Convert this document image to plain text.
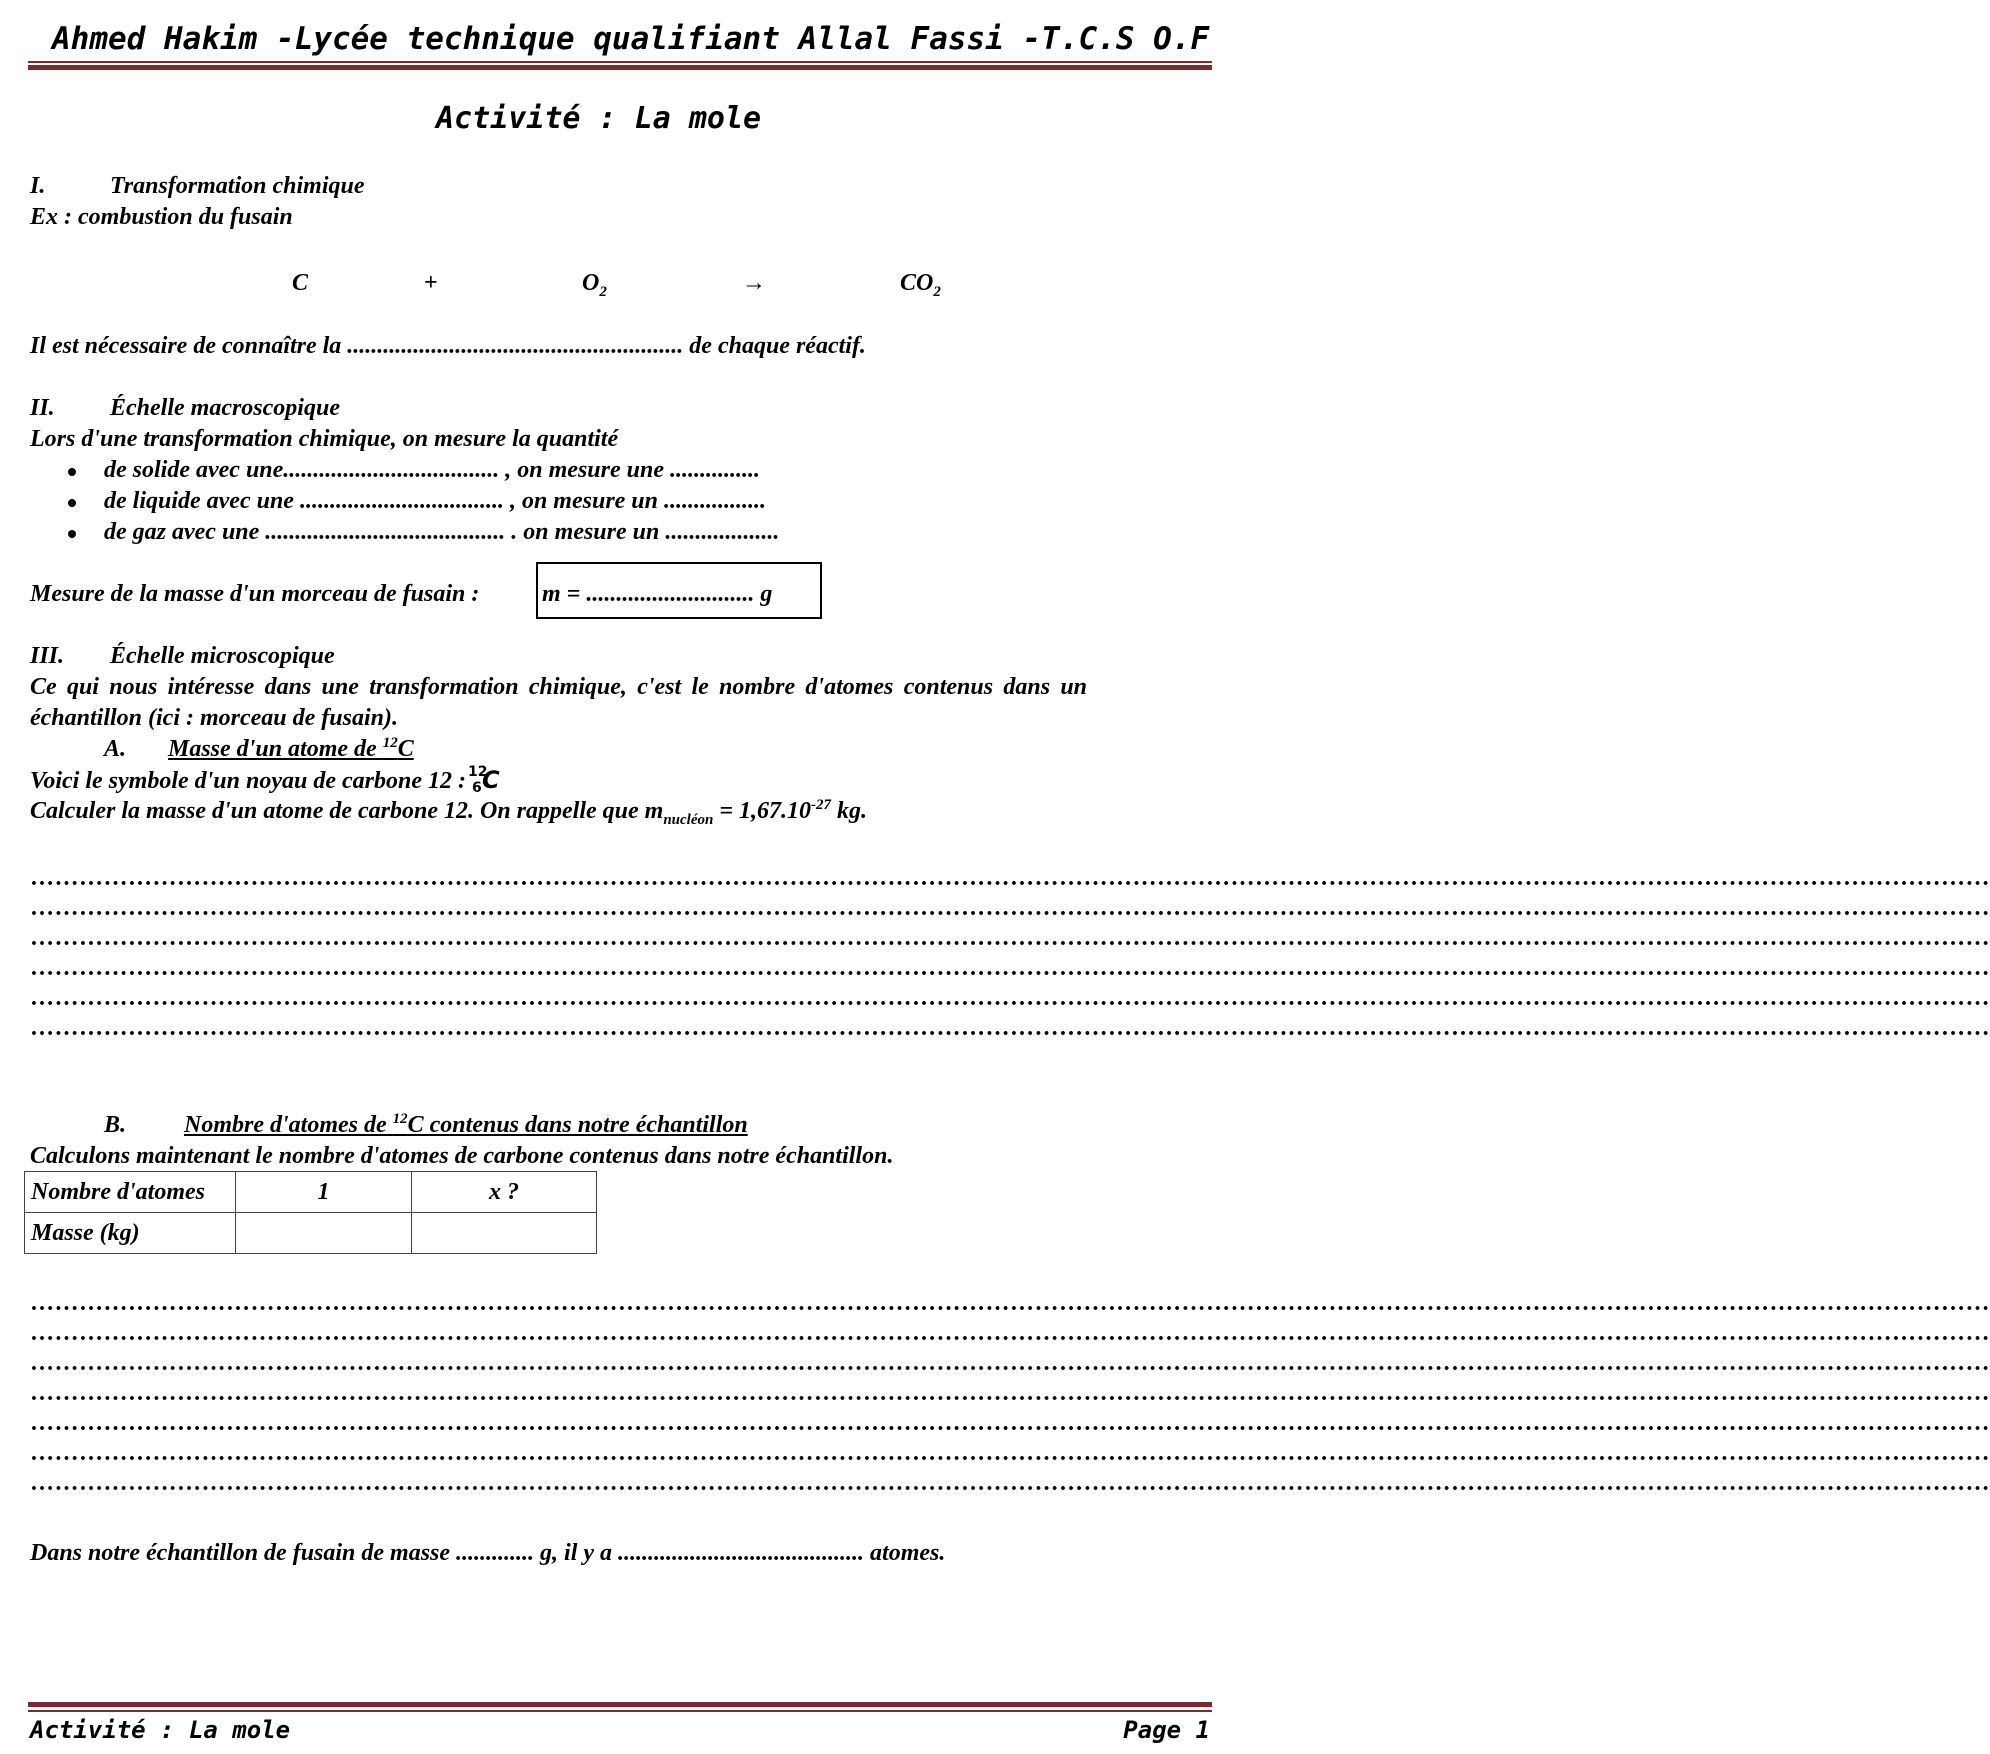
Ahmed Hakim -Lycée technique qualifiant Allal Fassi -T.C.S O.F
Activité : La mole
I.	Transformation chimique
Ex : combustion du fusain
C	+	$O_2$	→	$CO_2$
Il est nécessaire de connaître la ........................................................ de chaque réactif.
II. Échelle macroscopique
Lors d'une transformation chimique, on mesure la quantité
de solide avec une.................................... , on mesure une ...............
de liquide avec une .................................. , on mesure un .................
de gaz avec une ........................................ . on mesure un ...................
Mesure de la masse d'un morceau de fusain :	m = ............................ g
III. Échelle microscopique
Ce qui nous intéresse dans une transformation chimique, c'est le nombre d'atomes contenus dans un
échantillon (ici : morceau de fusain).
A. Masse d'un atome de $^{12}$C
Voici le symbole d'un noyau de carbone 12 : 12
6 C
Calculer la masse d'un atome de carbone 12. On rappelle que $m_{nucléon} = 1,67.10^{-27}$ kg.
……………………………………………………………………………………………………………………………………………………………………………………………………………………
……………………………………………………………………………………………………………………………………………………………………………………………………………………
……………………………………………………………………………………………………………………………………………………………………………………………………………………
……………………………………………………………………………………………………………………………………………………………………………………………………………………
……………………………………………………………………………………………………………………………………………………………………………………………………………………
……………………………………………………………………………………………………………………………………………………………………………………………………………………
B. Nombre d'atomes de $^{12}$C contenus dans notre échantillon
Calculons maintenant le nombre d'atomes de carbone contenus dans notre échantillon.
Nombre d'atomes	1	x ?
Masse (kg)		
……………………………………………………………………………………………………………………………………………………………………………………………………………………
……………………………………………………………………………………………………………………………………………………………………………………………………………………
……………………………………………………………………………………………………………………………………………………………………………………………………………………
……………………………………………………………………………………………………………………………………………………………………………………………………………………
……………………………………………………………………………………………………………………………………………………………………………………………………………………
……………………………………………………………………………………………………………………………………………………………………………………………………………………
……………………………………………………………………………………………………………………………………………………………………………………………………………………
Dans notre échantillon de fusain de masse ............. g, il y a ......................................... atomes.
Activité : La mole	Page 1
